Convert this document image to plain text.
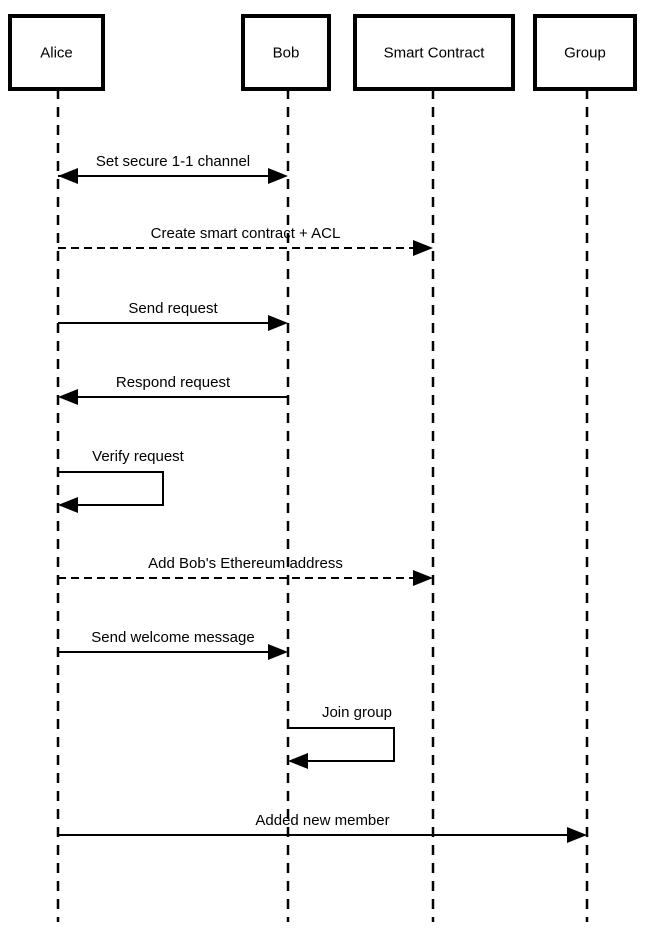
Alice	Bob	Smart Contract	Group
Set secure 1-1 channel
Create smart contract + ACL
Send request
Respond request
Verify request
Add Bob's Ethereum address
Send welcome message
Join group
Added new member
